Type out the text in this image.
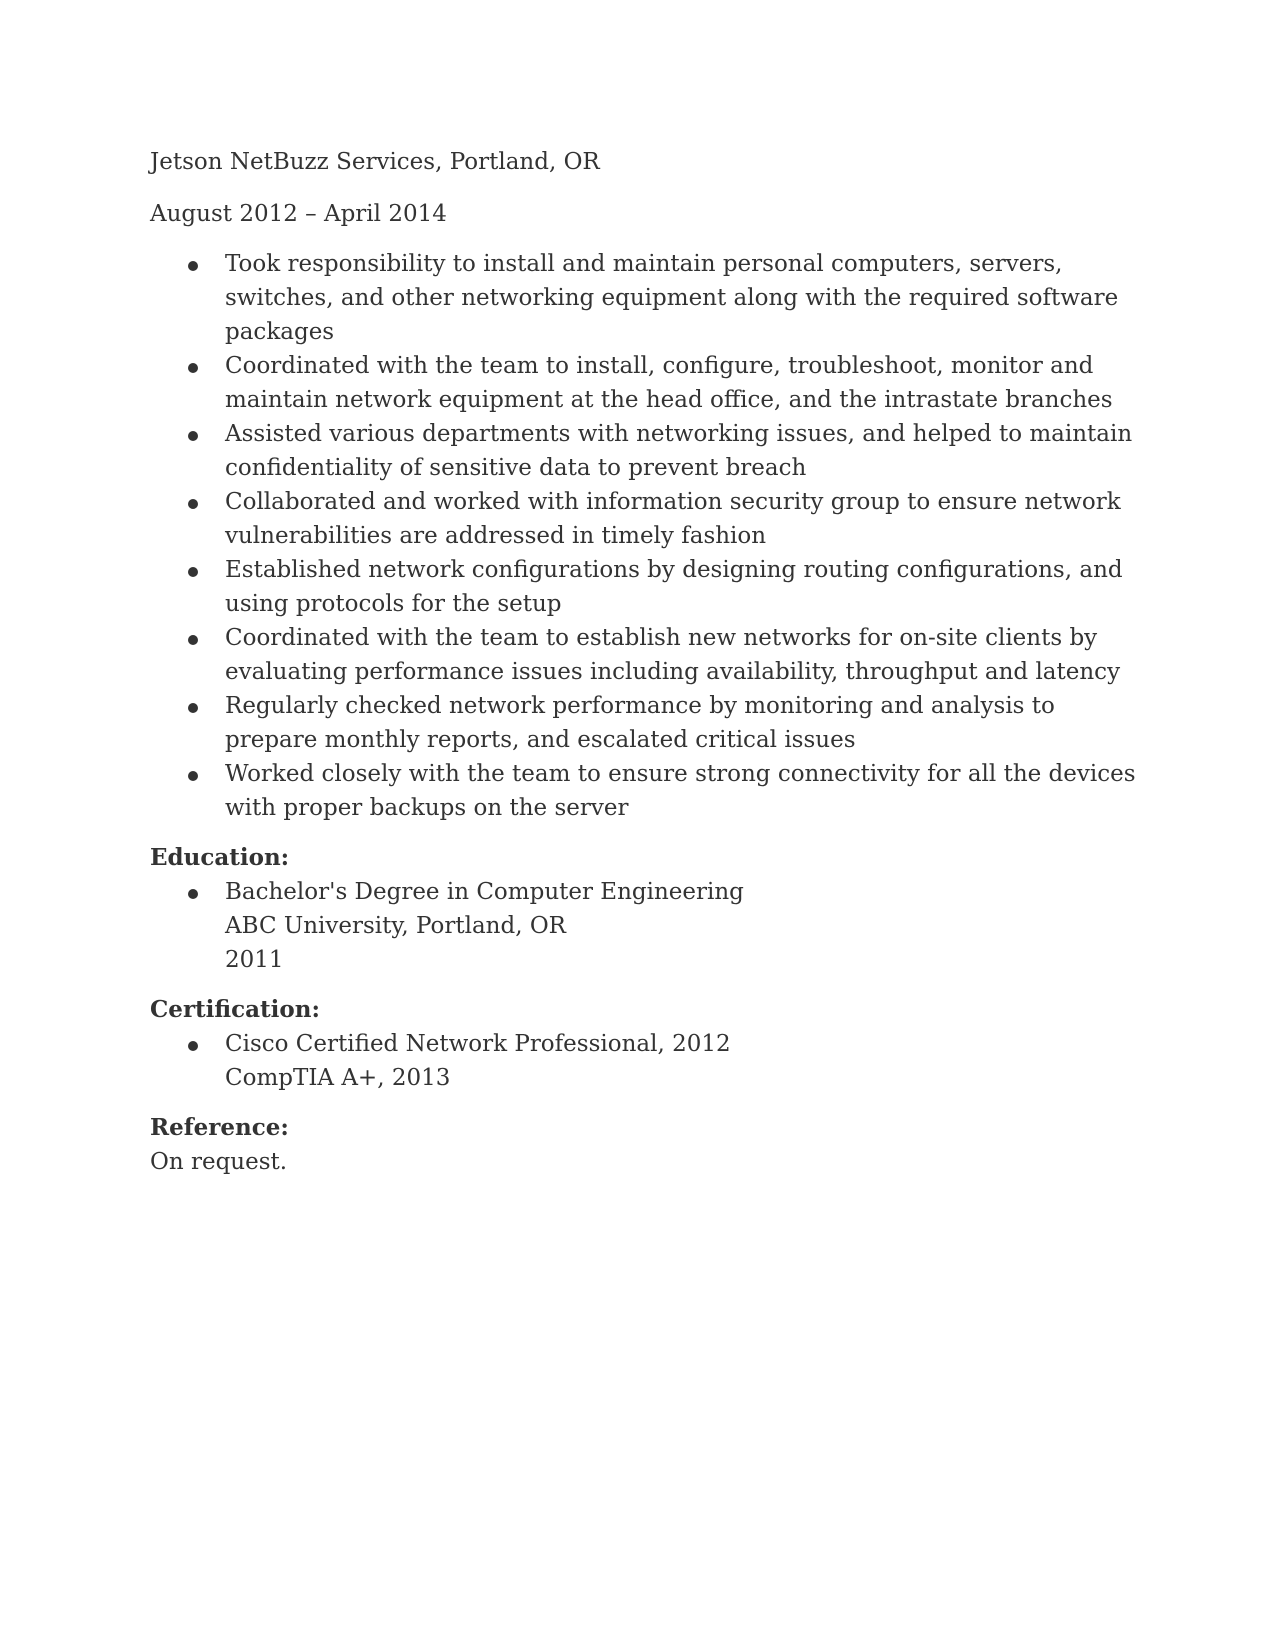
Jetson NetBuzz Services, Portland, OR

August 2012 – April 2014

Took responsibility to install and maintain personal computers, servers, switches, and other networking equipment along with the required software packages
Coordinated with the team to install, configure, troubleshoot, monitor and maintain network equipment at the head office, and the intrastate branches
Assisted various departments with networking issues, and helped to maintain confidentiality of sensitive data to prevent breach
Collaborated and worked with information security group to ensure network vulnerabilities are addressed in timely fashion
Established network configurations by designing routing configurations, and using protocols for the setup
Coordinated with the team to establish new networks for on-site clients by evaluating performance issues including availability, throughput and latency
Regularly checked network performance by monitoring and analysis to prepare monthly reports, and escalated critical issues
Worked closely with the team to ensure strong connectivity for all the devices with proper backups on the server

Education:

Bachelor's Degree in Computer Engineering
ABC University, Portland, OR
2011

Certification:

Cisco Certified Network Professional, 2012
CompTIA A+, 2013

Reference:

On request.
